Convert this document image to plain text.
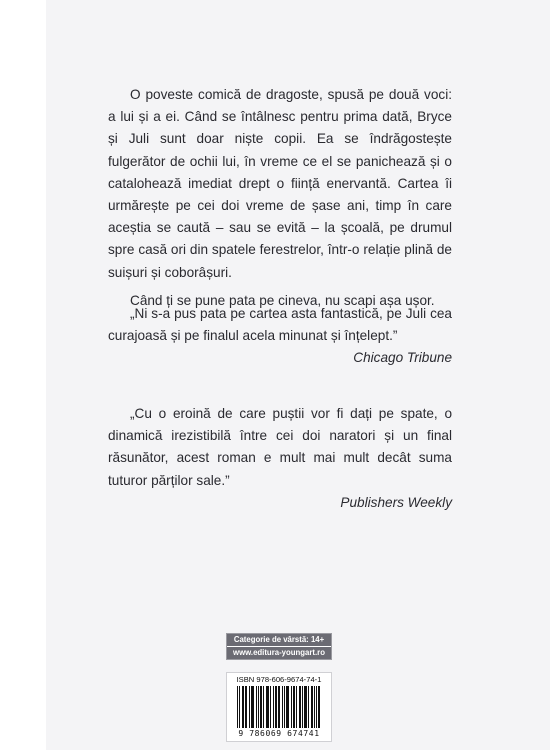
O poveste comică de dragoste, spusă pe două voci: a lui și a ei. Când se întâlnesc pentru prima dată, Bryce și Juli sunt doar niște copii. Ea se îndrăgostește fulgerător de ochii lui, în vreme ce el se panichează și o catalohează imediat drept o ființă enervantă. Cartea îi urmărește pe cei doi vreme de șase ani, timp în care aceștia se caută – sau se evită – la școală, pe drumul spre casă ori din spatele ferestrelor, într-o relație plină de suișuri și coborâșuri.

Când ți se pune pata pe cineva, nu scapi așa ușor.

„Ni s-a pus pata pe cartea asta fantastică, pe Juli cea curajoasă și pe finalul acela minunat și înțelept.”

Chicago Tribune

„Cu o eroină de care puștii vor fi dați pe spate, o dinamică irezistibilă între cei doi naratori și un final răsunător, acest roman e mult mai mult decât suma tuturor părților sale.”

Publishers Weekly

Categorie de vârstă: 14+
www.editura-youngart.ro
ISBN 978-606-9674-74-1
9 786069 674741
